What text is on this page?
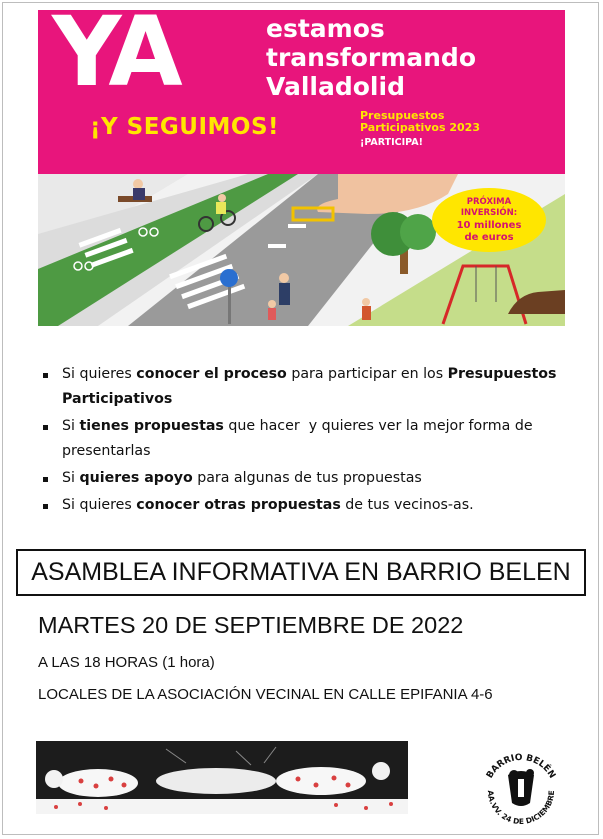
YA	estamos
transformando
Valladolid
¡Y SEGUIMOS!	Presupuestos
Participativos 2023
¡PARTICIPA!
PRÓXIMA
INVERSIÓN:
10 millones
de euros
Si quieres conocer el proceso para participar en los Presupuestos Participativos
Si tienes propuestas que hacer  y quieres ver la mejor forma de presentarlas
Si quieres apoyo para algunas de tus propuestas
Si quieres conocer otras propuestas de tus vecinos-as.
ASAMBLEA INFORMATIVA EN BARRIO BELEN
MARTES 20 DE SEPTIEMBRE DE 2022
A LAS 18 HORAS (1 hora)
LOCALES DE LA ASOCIACIÓN VECINAL EN CALLE EPIFANIA 4-6
BARRIO BELÉN
AA.VV. 24 DE DICIEMBRE
